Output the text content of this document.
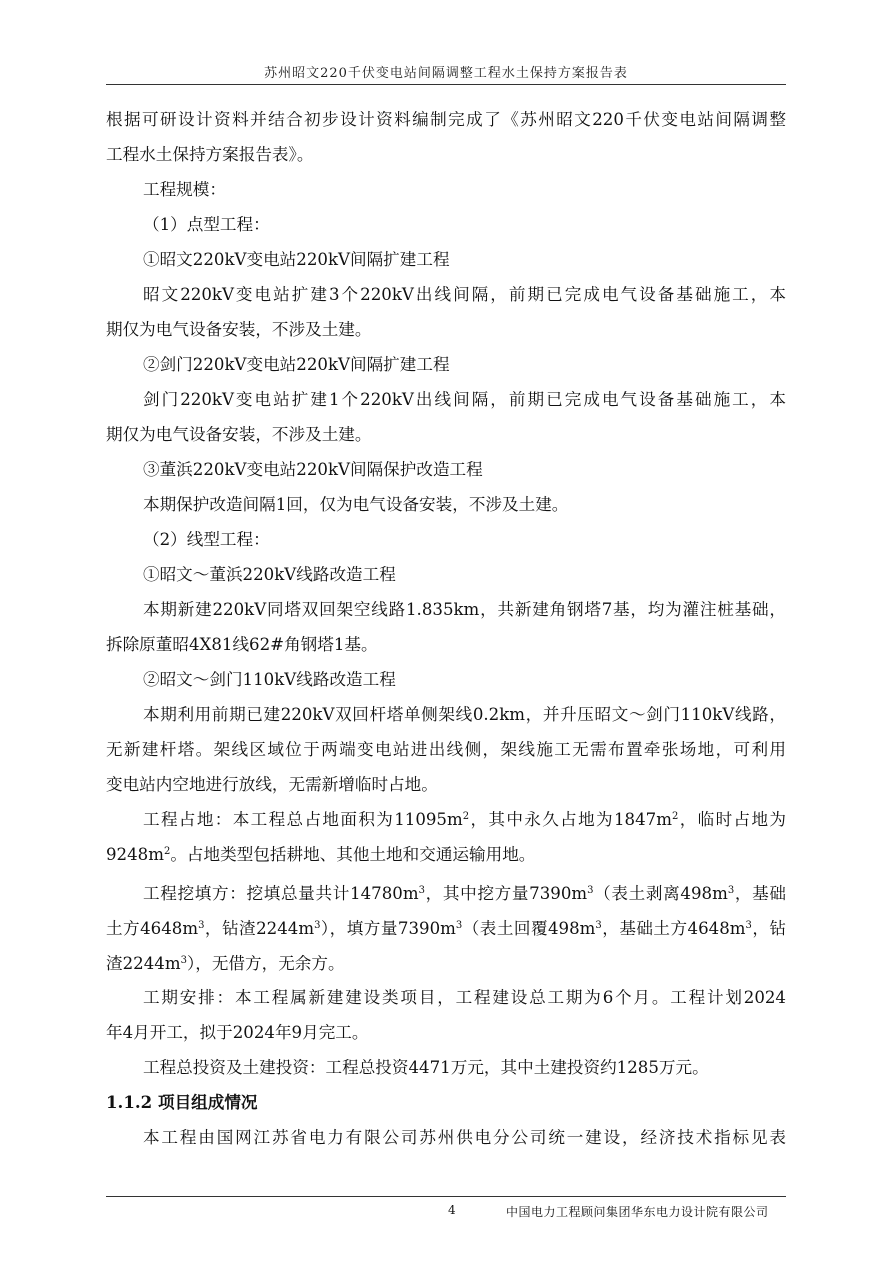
苏州昭文220千伏变电站间隔调整工程水土保持方案报告表
根据可研设计资料并结合初步设计资料编制完成了《苏州昭文220千伏变电站间隔调整
工程水土保持方案报告表》。
工程规模：
（1）点型工程：
①昭文220kV变电站220kV间隔扩建工程
昭文220kV变电站扩建3个220kV出线间隔，前期已完成电气设备基础施工，本
期仅为电气设备安装，不涉及土建。
②剑门220kV变电站220kV间隔扩建工程
剑门220kV变电站扩建1个220kV出线间隔，前期已完成电气设备基础施工，本
期仅为电气设备安装，不涉及土建。
③董浜220kV变电站220kV间隔保护改造工程
本期保护改造间隔1回，仅为电气设备安装，不涉及土建。
（2）线型工程：
①昭文～董浜220kV线路改造工程
本期新建220kV同塔双回架空线路1.835km，共新建角钢塔7基，均为灌注桩基础，
拆除原董昭4X81线62#角钢塔1基。
②昭文～剑门110kV线路改造工程
本期利用前期已建220kV双回杆塔单侧架线0.2km，并升压昭文～剑门110kV线路，
无新建杆塔。架线区域位于两端变电站进出线侧，架线施工无需布置牵张场地，可利用
变电站内空地进行放线，无需新增临时占地。
工程占地：本工程总占地面积为$11095m^2$，其中永久占地为$1847m^2$，临时占地为
$9248m^2$。占地类型包括耕地、其他土地和交通运输用地。
工程挖填方：挖填总量共计$14780m^3$，其中挖方量$7390m^3$（表土剥离$498m^3$，基础
土方$4648m^3$，钻渣$2244m^3$），填方量$7390m^3$（表土回覆$498m^3$，基础土方$4648m^3$，钻
渣$2244m^3$），无借方，无余方。
工期安排：本工程属新建建设类项目，工程建设总工期为6个月。工程计划2024
年4月开工，拟于2024年9月完工。
工程总投资及土建投资：工程总投资4471万元，其中土建投资约1285万元。
1.1.2 项目组成情况
本工程由国网江苏省电力有限公司苏州供电分公司统一建设，经济技术指标见表
4	中国电力工程顾问集团华东电力设计院有限公司
